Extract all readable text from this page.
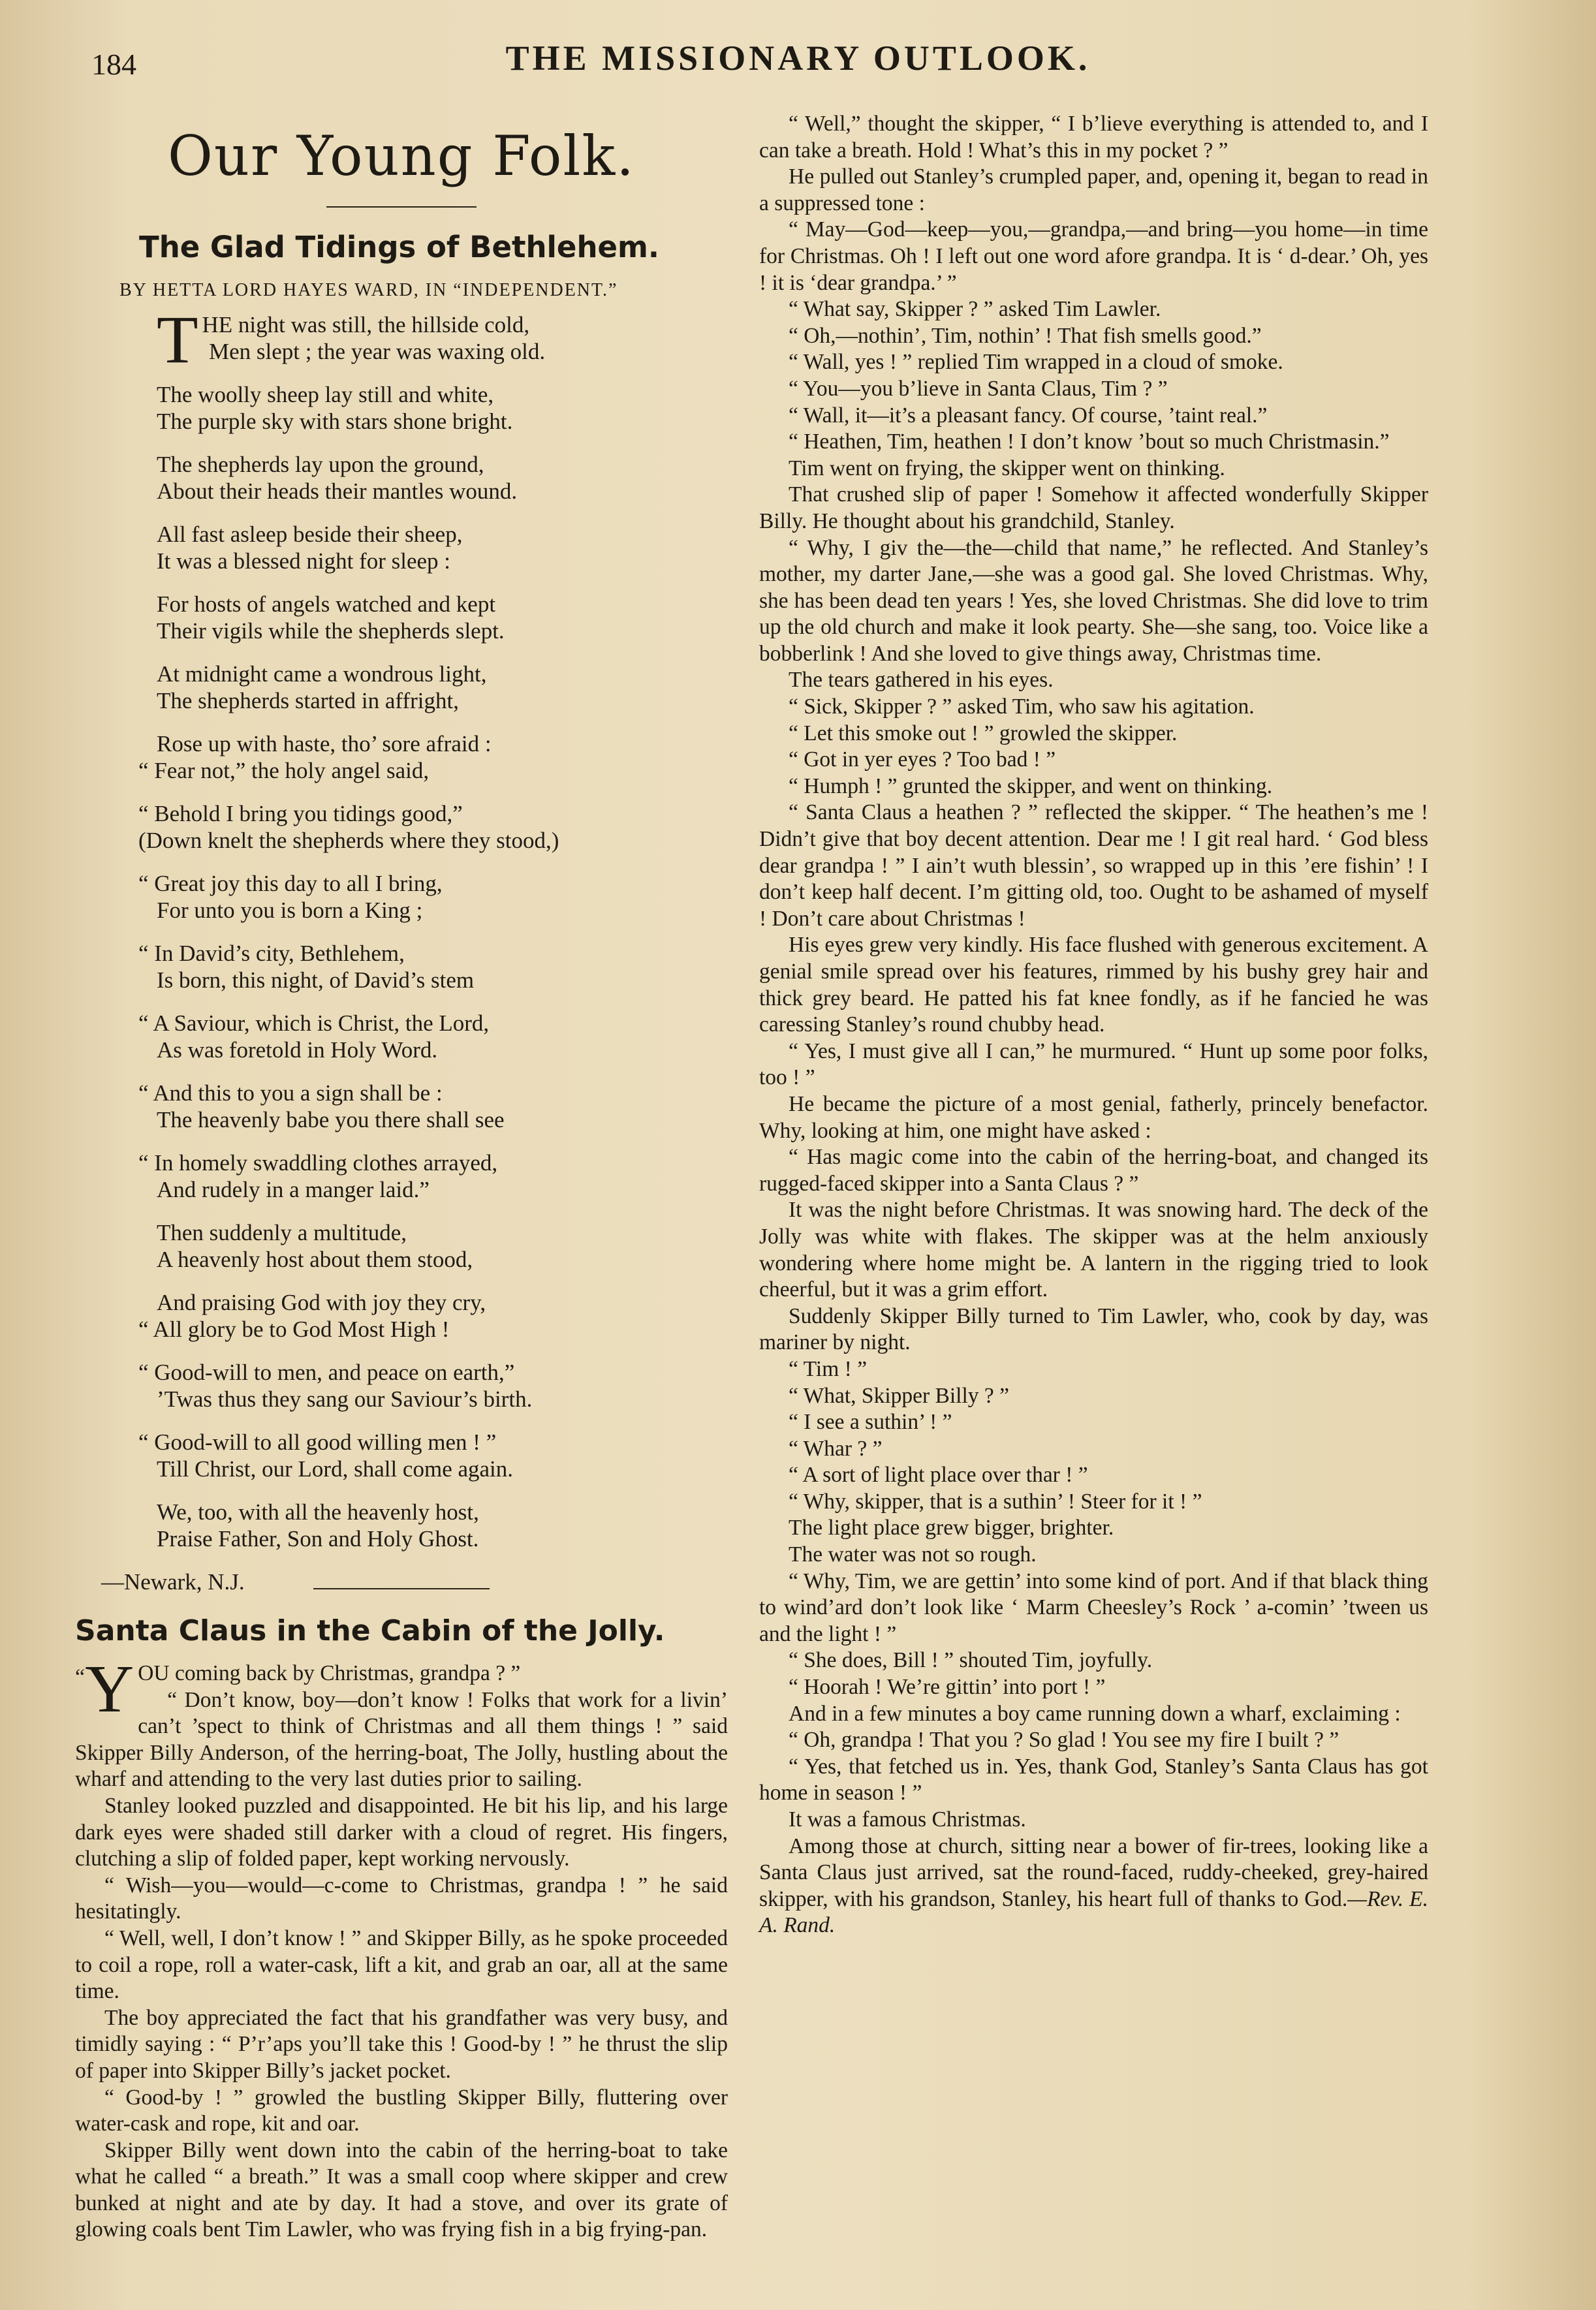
184	THE MISSIONARY OUTLOOK.
Our Young Folk.
The Glad Tidings of Bethlehem.
BY HETTA LORD HAYES WARD, IN “INDEPENDENT.”
THE night was still, the hillside cold,
Men slept ; the year was waxing old.
The woolly sheep lay still and white,
The purple sky with stars shone bright.
The shepherds lay upon the ground,
About their heads their mantles wound.
All fast asleep beside their sheep,
It was a blessed night for sleep :
For hosts of angels watched and kept
Their vigils while the shepherds slept.
At midnight came a wondrous light,
The shepherds started in affright,
Rose up with haste, tho’ sore afraid :
“ Fear not,” the holy angel said,
“ Behold I bring you tidings good,”
(Down knelt the shepherds where they stood,)
“ Great joy this day to all I bring,
For unto you is born a King ;
“ In David’s city, Bethlehem,
Is born, this night, of David’s stem
“ A Saviour, which is Christ, the Lord,
As was foretold in Holy Word.
“ And this to you a sign shall be :
The heavenly babe you there shall see
“ In homely swaddling clothes arrayed,
And rudely in a manger laid.”
Then suddenly a multitude,
A heavenly host about them stood,
And praising God with joy they cry,
“ All glory be to God Most High !
“ Good-will to men, and peace on earth,”
’Twas thus they sang our Saviour’s birth.
“ Good-will to all good willing men ! ”
Till Christ, our Lord, shall come again.
We, too, with all the heavenly host,
Praise Father, Son and Holy Ghost.
—Newark, N.J.
Santa Claus in the Cabin of the Jolly.

“ Y OU coming back by Christmas, grandpa ? ”

“ Don’t know, boy—don’t know ! Folks that work for a livin’ can’t ’spect to think of Christmas and all them things ! ” said Skipper Billy Anderson, of the herring-boat, The Jolly, hustling about the wharf and attending to the very last duties prior to sailing.

Stanley looked puzzled and disappointed. He bit his lip, and his large dark eyes were shaded still darker with a cloud of regret. His fingers, clutching a slip of folded paper, kept working nervously.

“ Wish—you—would—c-come to Christmas, grandpa ! ” he said hesitatingly.

“ Well, well, I don’t know ! ” and Skipper Billy, as he spoke proceeded to coil a rope, roll a water-cask, lift a kit, and grab an oar, all at the same time.

The boy appreciated the fact that his grandfather was very busy, and timidly saying : “ P’r’aps you’ll take this ! Good-by ! ” he thrust the slip of paper into Skipper Billy’s jacket pocket.

“ Good-by ! ” growled the bustling Skipper Billy, fluttering over water-cask and rope, kit and oar.

Skipper Billy went down into the cabin of the herring-boat to take what he called “ a breath.” It was a small coop where skipper and crew bunked at night and ate by day. It had a stove, and over its grate of glowing coals bent Tim Lawler, who was frying fish in a big frying-pan.

“ Well,” thought the skipper, “ I b’lieve everything is attended to, and I can take a breath. Hold ! What’s this in my pocket ? ”

He pulled out Stanley’s crumpled paper, and, opening it, began to read in a suppressed tone :

“ May—God—keep—you,—grandpa,—and bring—you home—in time for Christmas. Oh ! I left out one word afore grandpa. It is ‘ d-dear.’ Oh, yes ! it is ‘dear grandpa.’ ”

“ What say, Skipper ? ” asked Tim Lawler.

“ Oh,—nothin’, Tim, nothin’ ! That fish smells good.”

“ Wall, yes ! ” replied Tim wrapped in a cloud of smoke.

“ You—you b’lieve in Santa Claus, Tim ? ”

“ Wall, it—it’s a pleasant fancy. Of course, ’taint real.”

“ Heathen, Tim, heathen ! I don’t know ’bout so much Christmasin.”

Tim went on frying, the skipper went on thinking.

That crushed slip of paper ! Somehow it affected wonderfully Skipper Billy. He thought about his grandchild, Stanley.

“ Why, I giv the—the—child that name,” he reflected. And Stanley’s mother, my darter Jane,—she was a good gal. She loved Christmas. Why, she has been dead ten years ! Yes, she loved Christmas. She did love to trim up the old church and make it look pearty. She—she sang, too. Voice like a bobberlink ! And she loved to give things away, Christmas time.

The tears gathered in his eyes.

“ Sick, Skipper ? ” asked Tim, who saw his agitation.

“ Let this smoke out ! ” growled the skipper.

“ Got in yer eyes ? Too bad ! ”

“ Humph ! ” grunted the skipper, and went on thinking.

“ Santa Claus a heathen ? ” reflected the skipper. “ The heathen’s me ! Didn’t give that boy decent attention. Dear me ! I git real hard. ‘ God bless dear grandpa ! ” I ain’t wuth blessin’, so wrapped up in this ’ere fishin’ ! I don’t keep half decent. I’m gitting old, too. Ought to be ashamed of myself ! Don’t care about Christmas !

His eyes grew very kindly. His face flushed with generous excitement. A genial smile spread over his features, rimmed by his bushy grey hair and thick grey beard. He patted his fat knee fondly, as if he fancied he was caressing Stanley’s round chubby head.

“ Yes, I must give all I can,” he murmured. “ Hunt up some poor folks, too ! ”

He became the picture of a most genial, fatherly, princely benefactor. Why, looking at him, one might have asked :

“ Has magic come into the cabin of the herring-boat, and changed its rugged-faced skipper into a Santa Claus ? ”

It was the night before Christmas. It was snowing hard. The deck of the Jolly was white with flakes. The skipper was at the helm anxiously wondering where home might be. A lantern in the rigging tried to look cheerful, but it was a grim effort.

Suddenly Skipper Billy turned to Tim Lawler, who, cook by day, was mariner by night.

“ Tim ! ”

“ What, Skipper Billy ? ”

“ I see a suthin’ ! ”

“ Whar ? ”

“ A sort of light place over thar ! ”

“ Why, skipper, that is a suthin’ ! Steer for it ! ”

The light place grew bigger, brighter.

The water was not so rough.

“ Why, Tim, we are gettin’ into some kind of port. And if that black thing to wind’ard don’t look like ‘ Marm Cheesley’s Rock ’ a-comin’ ’tween us and the light ! ”

“ She does, Bill ! ” shouted Tim, joyfully.

“ Hoorah ! We’re gittin’ into port ! ”

And in a few minutes a boy came running down a wharf, exclaiming :

“ Oh, grandpa ! That you ? So glad ! You see my fire I built ? ”

“ Yes, that fetched us in. Yes, thank God, Stanley’s Santa Claus has got home in season ! ”

It was a famous Christmas.

Among those at church, sitting near a bower of fir-trees, looking like a Santa Claus just arrived, sat the round-faced, ruddy-cheeked, grey-haired skipper, with his grandson, Stanley, his heart full of thanks to God.—Rev. E. A. Rand.
